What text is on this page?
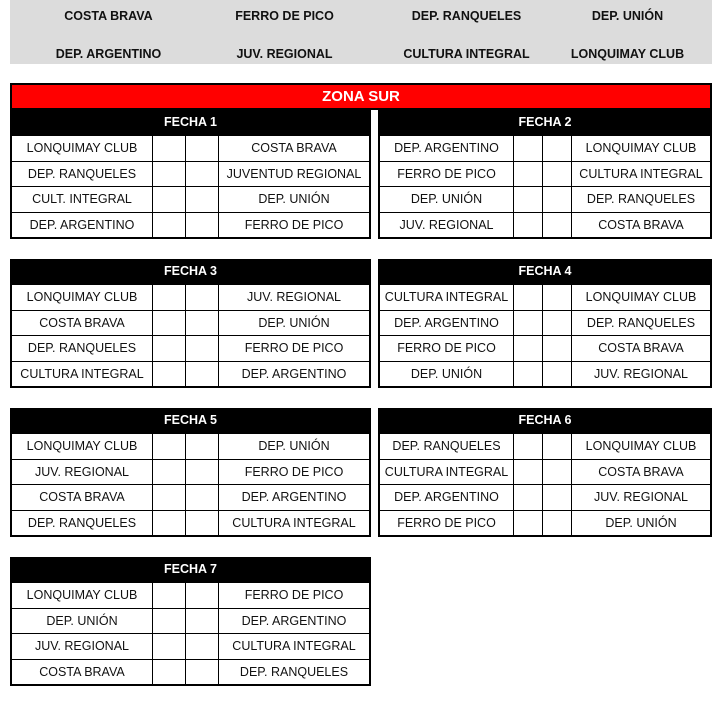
COSTA BRAVA	FERRO DE PICO	DEP. RANQUELES	DEP. UNIÓN
DEP. ARGENTINO	JUV. REGIONAL	CULTURA INTEGRAL	LONQUIMAY CLUB
ZONA SUR
FECHA 1
LONQUIMAY CLUB			COSTA BRAVA
DEP. RANQUELES			JUVENTUD REGIONAL
CULT. INTEGRAL			DEP. UNIÓN
DEP. ARGENTINO			FERRO DE PICO
FECHA 2
DEP. ARGENTINO			LONQUIMAY CLUB
FERRO DE PICO			CULTURA INTEGRAL
DEP. UNIÓN			DEP. RANQUELES
JUV. REGIONAL			COSTA BRAVA
FECHA 3
LONQUIMAY CLUB			JUV. REGIONAL
COSTA BRAVA			DEP. UNIÓN
DEP. RANQUELES			FERRO DE PICO
CULTURA INTEGRAL			DEP. ARGENTINO
FECHA 4
CULTURA INTEGRAL			LONQUIMAY CLUB
DEP. ARGENTINO			DEP. RANQUELES
FERRO DE PICO			COSTA BRAVA
DEP. UNIÓN			JUV. REGIONAL
FECHA 5
LONQUIMAY CLUB			DEP. UNIÓN
JUV. REGIONAL			FERRO DE PICO
COSTA BRAVA			DEP. ARGENTINO
DEP. RANQUELES			CULTURA INTEGRAL
FECHA 6
DEP. RANQUELES			LONQUIMAY CLUB
CULTURA INTEGRAL			COSTA BRAVA
DEP. ARGENTINO			JUV. REGIONAL
FERRO DE PICO			DEP. UNIÓN
FECHA 7
LONQUIMAY CLUB			FERRO DE PICO
DEP. UNIÓN			DEP. ARGENTINO
JUV. REGIONAL			CULTURA INTEGRAL
COSTA BRAVA			DEP. RANQUELES
